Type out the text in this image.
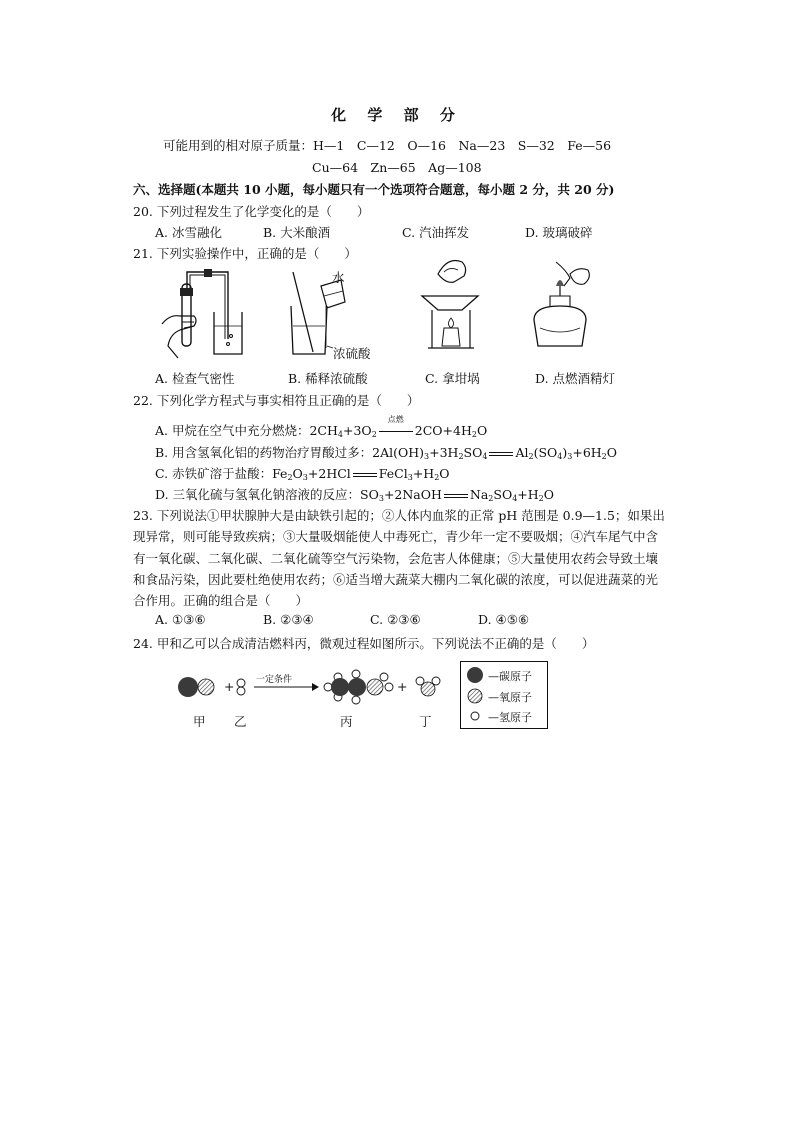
化 学 部 分
可能用到的相对原子质量：H—1　C—12　O—16　Na—23　S—32　Fe—56
Cu—64　Zn—65　Ag—108
六、选择题(本题共 10 小题，每小题只有一个选项符合题意，每小题 2 分，共 20 分)
20. 下列过程发生了化学变化的是（　　）
A. 冰雪融化	B. 大米酿酒	C. 汽油挥发	D. 玻璃破碎
21. 下列实验操作中，正确的是（　　）
水
浓硫酸
A. 检查气密性	B. 稀释浓硫酸	C. 拿坩埚	D. 点燃酒精灯
22. 下列化学方程式与事实相符且正确的是（　　）
A. 甲烷在空气中充分燃烧：$2CH_4+3O_2$
点燃
$2CO+4H_2O$
B. 用含氢氧化铝的药物治疗胃酸过多：$2Al(OH)_3+3H_2SO_4$ $Al_2(SO_4)_3+6H_2O$
C. 赤铁矿溶于盐酸：$Fe_2O_3+2HCl$ $FeCl_3+H_2O$
D. 三氧化硫与氢氧化钠溶液的反应：$SO_3+2NaOH$ $Na_2SO_4+H_2O$
23. 下列说法①甲状腺肿大是由缺铁引起的；②人体内血浆的正常 pH 范围是 0.9—1.5；如果出
现异常，则可能导致疾病；③大量吸烟能使人中毒死亡，青少年一定不要吸烟；④汽车尾气中含
有一氧化碳、二氧化碳、二氧化硫等空气污染物，会危害人体健康；⑤大量使用农药会导致土壤
和食品污染，因此要杜绝使用农药；⑥适当增大蔬菜大棚内二氧化碳的浓度，可以促进蔬菜的光
合作用。正确的组合是（　　）
A. ①③⑥	B. ②③④	C. ②③⑥	D. ④⑤⑥
24. 甲和乙可以合成清洁燃料丙，微观过程如图所示。下列说法不正确的是（　　）
+	+
一定条件
甲 乙	丙	丁
—碳原子
—氧原子
—氢原子
